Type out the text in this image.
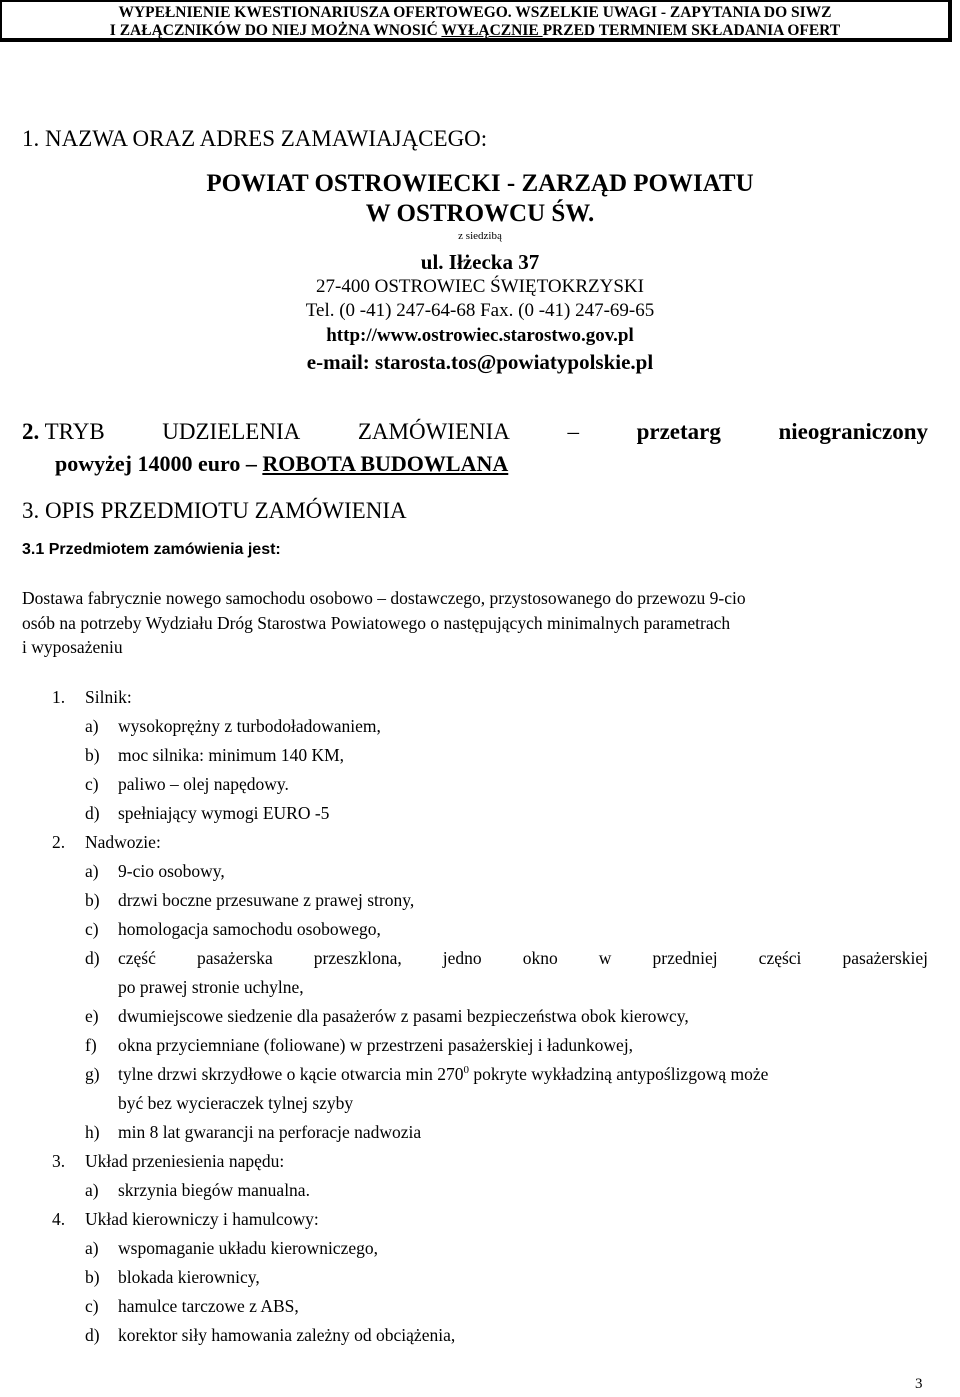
WYPEŁNIENIE KWESTIONARIUSZA OFERTOWEGO. WSZELKIE UWAGI - ZAPYTANIA DO SIWZ
I ZAŁĄCZNIKÓW DO NIEJ MOŻNA WNOSIĆ WYŁĄCZNIE PRZED TERMNIEM SKŁADANIA OFERT
1. NAZWA ORAZ ADRES ZAMAWIAJĄCEGO:
POWIAT OSTROWIECKI - ZARZĄD POWIATU
W OSTROWCU ŚW.
z siedzibą
ul. Iłżecka 37
27-400 OSTROWIEC ŚWIĘTOKRZYSKI
Tel. (0 -41) 247-64-68 Fax. (0 -41) 247-69-65
http://www.ostrowiec.starostwo.gov.pl
e-mail: starosta.tos@powiatypolskie.pl
2. TRYB	UDZIELENIA	ZAMÓWIENIA	–	przetarg	nieograniczony
powyżej 14000 euro – ROBOTA BUDOWLANA
3. OPIS PRZEDMIOTU ZAMÓWIENIA
3.1 Przedmiotem zamówienia jest:
Dostawa fabrycznie nowego samochodu osobowo – dostawczego, przystosowanego do przewozu 9-cio
osób na potrzeby Wydziału Dróg Starostwa Powiatowego o następujących minimalnych parametrach
i wyposażeniu
1. Silnik:
a) wysokoprężny z turbodoładowaniem,
b) moc silnika: minimum 140 KM,
c) paliwo – olej napędowy.
d) spełniający wymogi EURO -5
2. Nadwozie:
a) 9-cio osobowy,
b) drzwi boczne przesuwane z prawej strony,
c) homologacja samochodu osobowego,
d) część pasażerska przeszklona, jedno okno w przedniej części pasażerskiej
po prawej stronie uchylne,
e) dwumiejscowe siedzenie dla pasażerów z pasami bezpieczeństwa obok kierowcy,
f) okna przyciemniane (foliowane) w przestrzeni pasażerskiej i ładunkowej,
g) tylne drzwi skrzydłowe o kącie otwarcia $\min 270^0$ pokryte wykładziną antypoślizgową może
być bez wycieraczek tylnej szyby
h) min 8 lat gwarancji na perforacje nadwozia
3. Układ przeniesienia napędu:
a) skrzynia biegów manualna.
4. Układ kierowniczy i hamulcowy:
a) wspomaganie układu kierowniczego,
b) blokada kierownicy,
c) hamulce tarczowe z ABS,
d) korektor siły hamowania zależny od obciążenia,
3
